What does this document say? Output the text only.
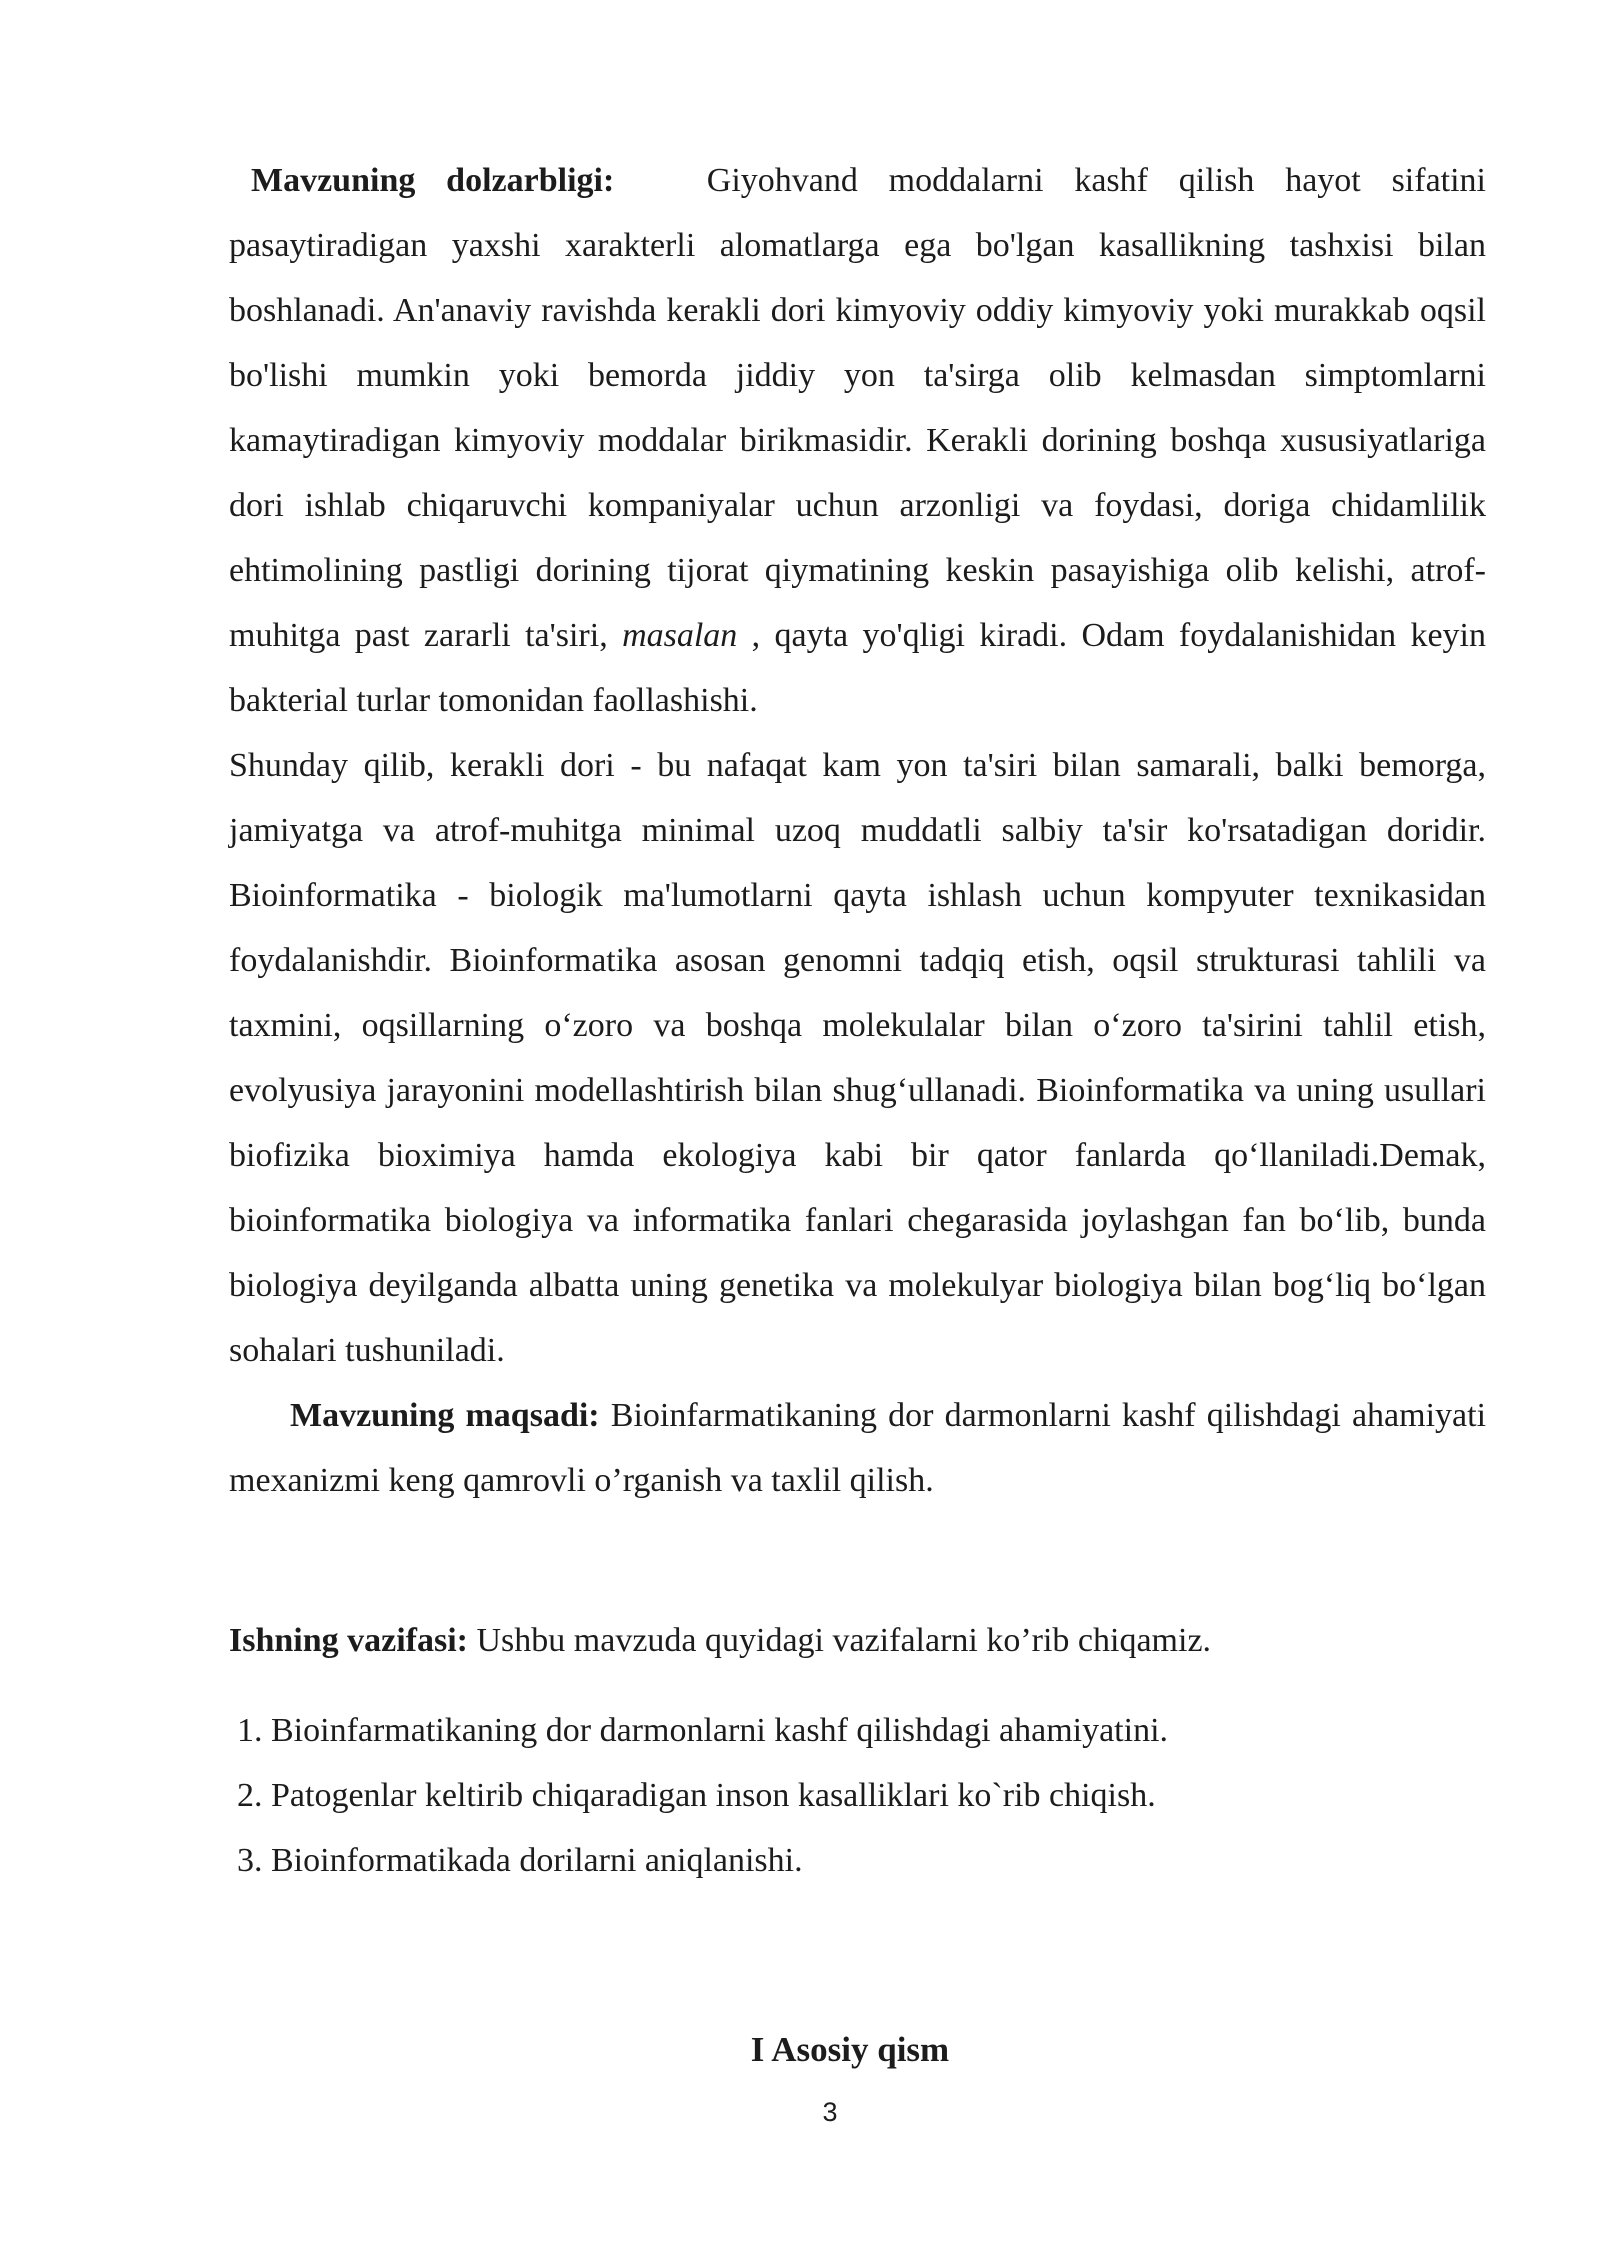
Mavzuning dolzarbligi:	Giyohvand moddalarni kashf qilish hayot sifatini pasaytiradigan yaxshi xarakterli alomatlarga ega bo'lgan kasallikning tashxisi bilan boshlanadi. An'anaviy ravishda kerakli dori kimyoviy oddiy kimyoviy yoki murakkab oqsil bo'lishi mumkin yoki bemorda jiddiy yon ta'sirga olib kelmasdan simptomlarni kamaytiradigan kimyoviy moddalar birikmasidir. Kerakli dorining boshqa xususiyatlariga dori ishlab chiqaruvchi kompaniyalar uchun arzonligi va foydasi, doriga chidamlilik ehtimolining pastligi dorining tijorat qiymatining keskin pasayishiga olib kelishi, atrof-muhitga past zararli ta'siri, masalan , qayta yo'qligi kiradi. Odam foydalanishidan keyin bakterial turlar tomonidan faollashishi.

Shunday qilib, kerakli dori - bu nafaqat kam yon ta'siri bilan samarali, balki bemorga, jamiyatga va atrof-muhitga minimal uzoq muddatli salbiy ta'sir ko'rsatadigan doridir. Bioinformatika - biologik ma'lumotlarni qayta ishlash uchun kompyuter texnikasidan foydalanishdir. Bioinformatika asosan genomni tadqiq etish, oqsil strukturasi tahlili va taxmini, oqsillarning o‘zoro va boshqa molekulalar bilan o‘zoro ta'sirini tahlil etish, evolyusiya jarayonini modellashtirish bilan shug‘ullanadi. Bioinformatika va uning usullari biofizika bioximiya hamda ekologiya kabi bir qator fanlarda qo‘llaniladi.Demak, bioinformatika biologiya va informatika fanlari chegarasida joylashgan fan bo‘lib, bunda biologiya deyilganda albatta uning genetika va molekulyar biologiya bilan bog‘liq bo‘lgan sohalari tushuniladi.

Mavzuning maqsadi: Bioinfarmatikaning dor darmonlarni kashf qilishdagi ahamiyati mexanizmi keng qamrovli o’rganish va taxlil qilish.

Ishning vazifasi: Ushbu mavzuda quyidagi vazifalarni ko’rib chiqamiz.

1. Bioinfarmatikaning dor darmonlarni kashf qilishdagi ahamiyatini.
2. Patogenlar keltirib chiqaradigan inson kasalliklari ko`rib chiqish.
3. Bioinformatikada dorilarni aniqlanishi.
I Asosiy qism
3
